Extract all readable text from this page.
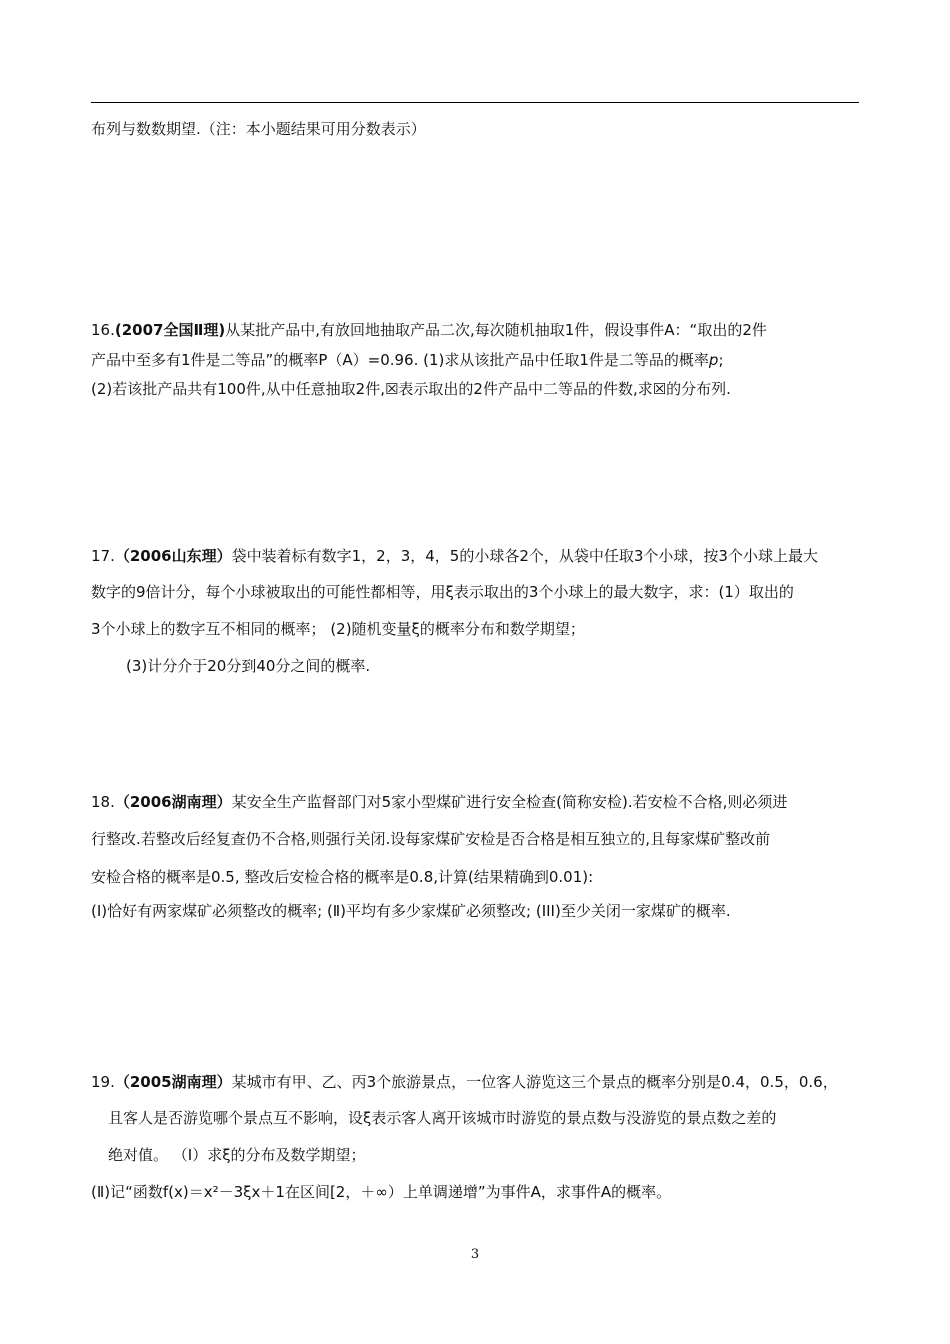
布列与数数期望.（注：本小题结果可用分数表示）
16.(2007全国Ⅱ理)从某批产品中,有放回地抽取产品二次,每次随机抽取1件，假设事件A：“取出的2件
产品中至多有1件是二等品”的概率P（A）=0.96. (1)求从该批产品中任取1件是二等品的概率p;
(2)若该批产品共有100件,从中任意抽取2件,☒表示取出的2件产品中二等品的件数,求☒的分布列.
17.（2006山东理）袋中装着标有数字1，2，3，4，5的小球各2个，从袋中任取3个小球，按3个小球上最大
数字的9倍计分，每个小球被取出的可能性都相等，用ξ表示取出的3个小球上的最大数字，求：(1）取出的
3个小球上的数字互不相同的概率； (2)随机变量ξ的概率分布和数学期望；
(3)计分介于20分到40分之间的概率.
18.（2006湖南理）某安全生产监督部门对5家小型煤矿进行安全检查(简称安检).若安检不合格,则必须进
行整改.若整改后经复查仍不合格,则强行关闭.设每家煤矿安检是否合格是相互独立的,且每家煤矿整改前
安检合格的概率是0.5, 整改后安检合格的概率是0.8,计算(结果精确到0.01):
(Ⅰ)恰好有两家煤矿必须整改的概率; (Ⅱ)平均有多少家煤矿必须整改; (III)至少关闭一家煤矿的概率.
19.（2005湖南理）某城市有甲、乙、丙3个旅游景点，一位客人游览这三个景点的概率分别是0.4，0.5，0.6，
且客人是否游览哪个景点互不影响，设ξ表示客人离开该城市时游览的景点数与没游览的景点数之差的
绝对值。 （Ⅰ）求ξ的分布及数学期望；
(Ⅱ)记“函数f(x)＝x²－3ξx＋1在区间[2，＋∞）上单调递增”为事件A，求事件A的概率。
3
